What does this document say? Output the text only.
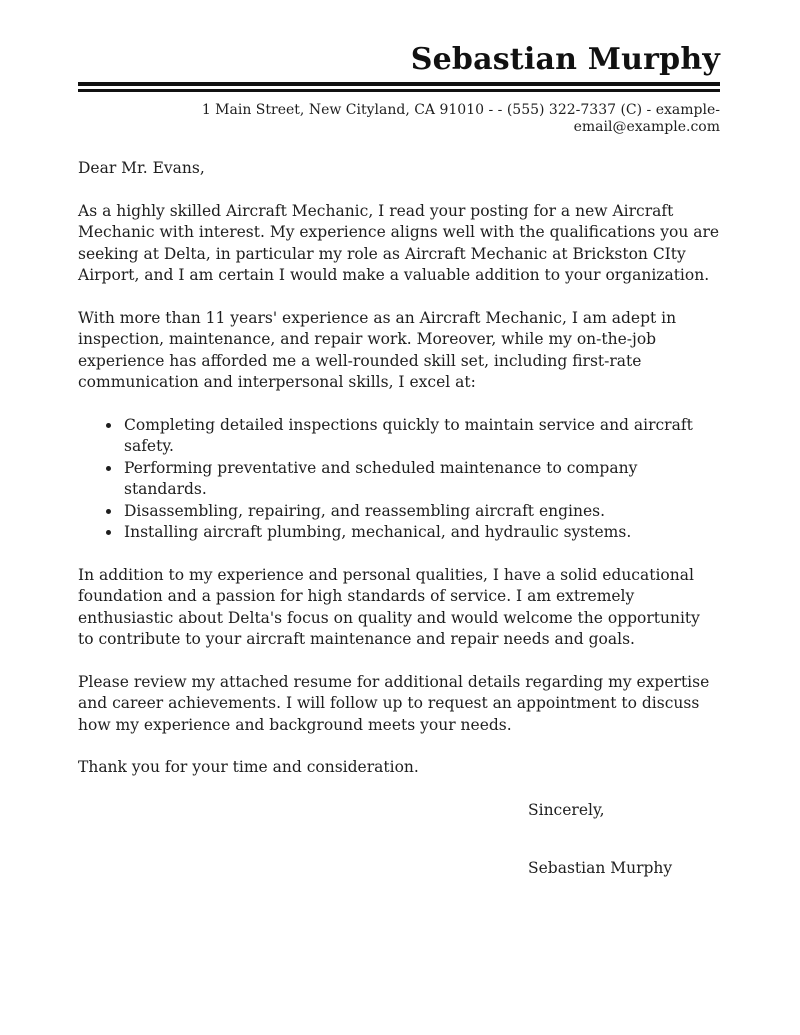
Sebastian Murphy
1 Main Street, New Cityland, CA 91010 - - (555) 322-7337 (C) - example-email@example.com

Dear Mr. Evans,

As a highly skilled Aircraft Mechanic, I read your posting for a new Aircraft Mechanic with interest. My experience aligns well with the qualifications you are seeking at Delta, in particular my role as Aircraft Mechanic at Brickston CIty Airport, and I am certain I would make a valuable addition to your organization.

With more than 11 years' experience as an Aircraft Mechanic, I am adept in inspection, maintenance, and repair work. Moreover, while my on-the-job experience has afforded me a well-rounded skill set, including first-rate communication and interpersonal skills, I excel at:

• Completing detailed inspections quickly to maintain service and aircraft safety.
• Performing preventative and scheduled maintenance to company standards.
• Disassembling, repairing, and reassembling aircraft engines.
• Installing aircraft plumbing, mechanical, and hydraulic systems.

In addition to my experience and personal qualities, I have a solid educational foundation and a passion for high standards of service. I am extremely enthusiastic about Delta's focus on quality and would welcome the opportunity to contribute to your aircraft maintenance and repair needs and goals.

Please review my attached resume for additional details regarding my expertise and career achievements. I will follow up to request an appointment to discuss how my experience and background meets your needs.

Thank you for your time and consideration.

Sincerely,

Sebastian Murphy
